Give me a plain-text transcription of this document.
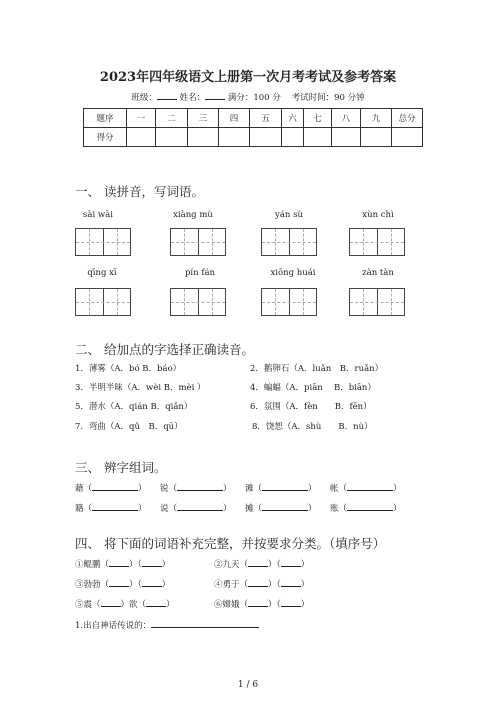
2023年四年级语文上册第一次月考考试及参考答案
班级：	姓名：	满分：100 分 考试时间：90 分钟
题序	一	二	三	四	五	六	七	八	九	总分
得分										
一、 读拼音，写词语。
sài wài	xiàng mù	yán sù	xùn chì
qīng xī	pín fán	xiōng huái	zàn tàn
二、 给加点的字选择正确读音。
1．薄雾（A．bó B．báo）	2．鹅卵石（A．luǎn　B．ruǎn）
3．半明半昧（A．wèi B．mèi ）	4．蝙蝠（A．piān　 B．biān）
5．潜水（A．qián B．qiǎn）	6．氛围（A．fèn　　B．fēn）
7．弯曲（A．qǔ　B．qū）	8．饶恕（A．shù　　B．nù）
三、 辨字组词。
藉（	） 锐（	） 滩（	） 帐（	）
籍（	） 说（	） 摊（	） 账（	）
四、 将下面的词语补充完整，并按要求分类。（填序号）
①鲲鹏（ ）（ ）	②九天（ ）（ ）
③勃勃（ ）（ ）	④勇于（ ）（ ）
⑤震（ ）欲（ ）	⑥嫦娥（ ）（ ）
1.出自神话传说的：
1 / 6
